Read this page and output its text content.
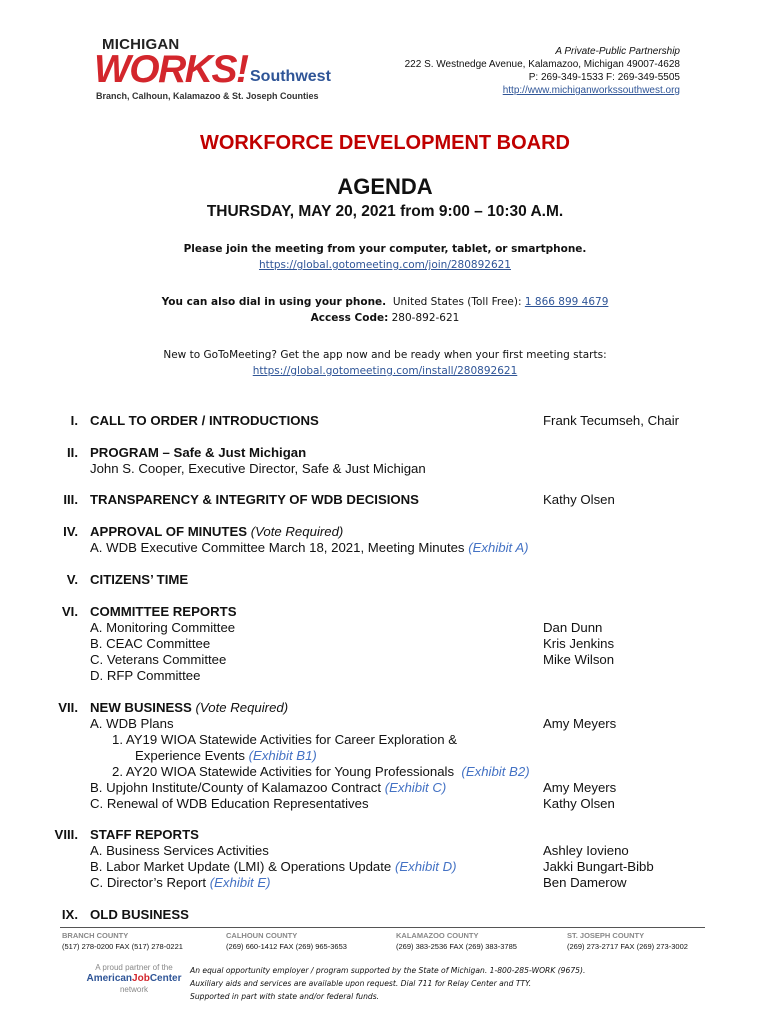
MICHIGAN
WORKS! Southwest
Branch, Calhoun, Kalamazoo & St. Joseph Counties
A Private-Public Partnership
222 S. Westnedge Avenue, Kalamazoo, Michigan 49007-4628
P: 269-349-1533 F: 269-349-5505
http://www.michiganworkssouthwest.org
WORKFORCE DEVELOPMENT BOARD
AGENDA
THURSDAY, MAY 20, 2021 from 9:00 – 10:30 A.M.
Please join the meeting from your computer, tablet, or smartphone.
https://global.gotomeeting.com/join/280892621
You can also dial in using your phone. United States (Toll Free): 1 866 899 4679
Access Code: 280-892-621
New to GoToMeeting? Get the app now and be ready when your first meeting starts:
https://global.gotomeeting.com/install/280892621
I. CALL TO ORDER / INTRODUCTIONS	Frank Tecumseh, Chair
II. PROGRAM – Safe & Just Michigan
John S. Cooper, Executive Director, Safe & Just Michigan
III. TRANSPARENCY & INTEGRITY OF WDB DECISIONS	Kathy Olsen
IV. APPROVAL OF MINUTES (Vote Required)
A. WDB Executive Committee March 18, 2021, Meeting Minutes (Exhibit A)
V. CITIZENS’ TIME
VI. COMMITTEE REPORTS
A. Monitoring Committee	Dan Dunn
B. CEAC Committee	Kris Jenkins
C. Veterans Committee	Mike Wilson
D. RFP Committee
VII. NEW BUSINESS (Vote Required)
A. WDB Plans	Amy Meyers
1. AY19 WIOA Statewide Activities for Career Exploration &
Experience Events (Exhibit B1)
2. AY20 WIOA Statewide Activities for Young Professionals (Exhibit B2)
B. Upjohn Institute/County of Kalamazoo Contract (Exhibit C)	Amy Meyers
C. Renewal of WDB Education Representatives	Kathy Olsen
VIII. STAFF REPORTS
A. Business Services Activities	Ashley Iovieno
B. Labor Market Update (LMI) & Operations Update (Exhibit D)	Jakki Bungart-Bibb
C. Director’s Report (Exhibit E)	Ben Damerow
IX. OLD BUSINESS
BRANCH COUNTY
(517) 278-0200 FAX (517) 278-0221
CALHOUN COUNTY
(269) 660-1412 FAX (269) 965-3653
KALAMAZOO COUNTY
(269) 383-2536 FAX (269) 383-3785
ST. JOSEPH COUNTY
(269) 273-2717 FAX (269) 273-3002
A proud partner of the
AmericanJobCenter
network
An equal opportunity employer / program supported by the State of Michigan. 1-800-285-WORK (9675).
Auxiliary aids and services are available upon request. Dial 711 for Relay Center and TTY.
Supported in part with state and/or federal funds.
